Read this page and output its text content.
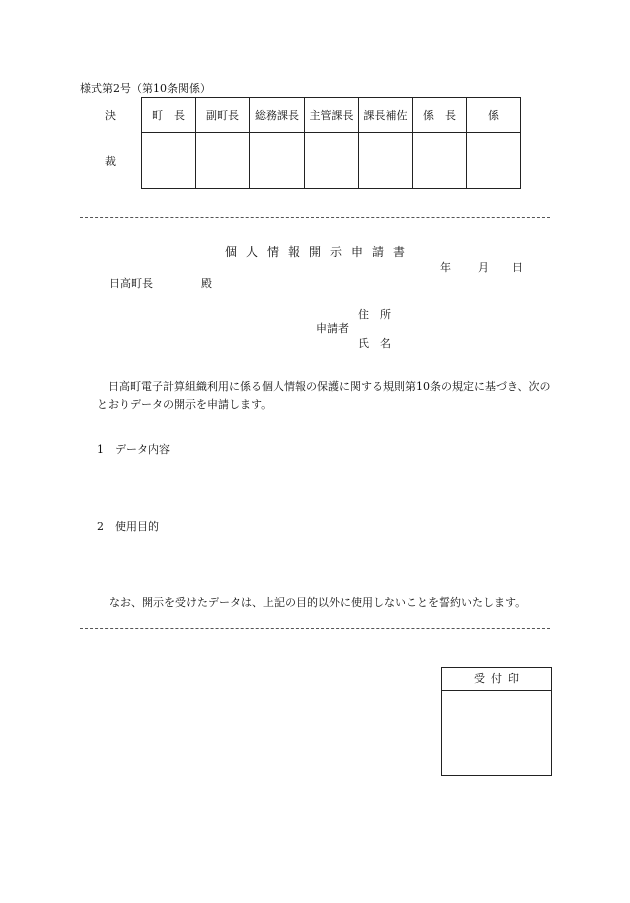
様式第2号（第10条関係）
決	町　長	副町長	総務課長	主管課長	課長補佐	係　長	係
裁							
個人情報開示申請書
年 月 日
日高町長	殿
住　所
申請者
氏　名
　日高町電子計算組織利用に係る個人情報の保護に関する規則第10条の規定に基づき、次のとおりデータの開示を申請します。
1　 データ内容
2　 使用目的
なお、開示を受けたデータは、上記の目的以外に使用しないことを誓約いたします。
受付印
